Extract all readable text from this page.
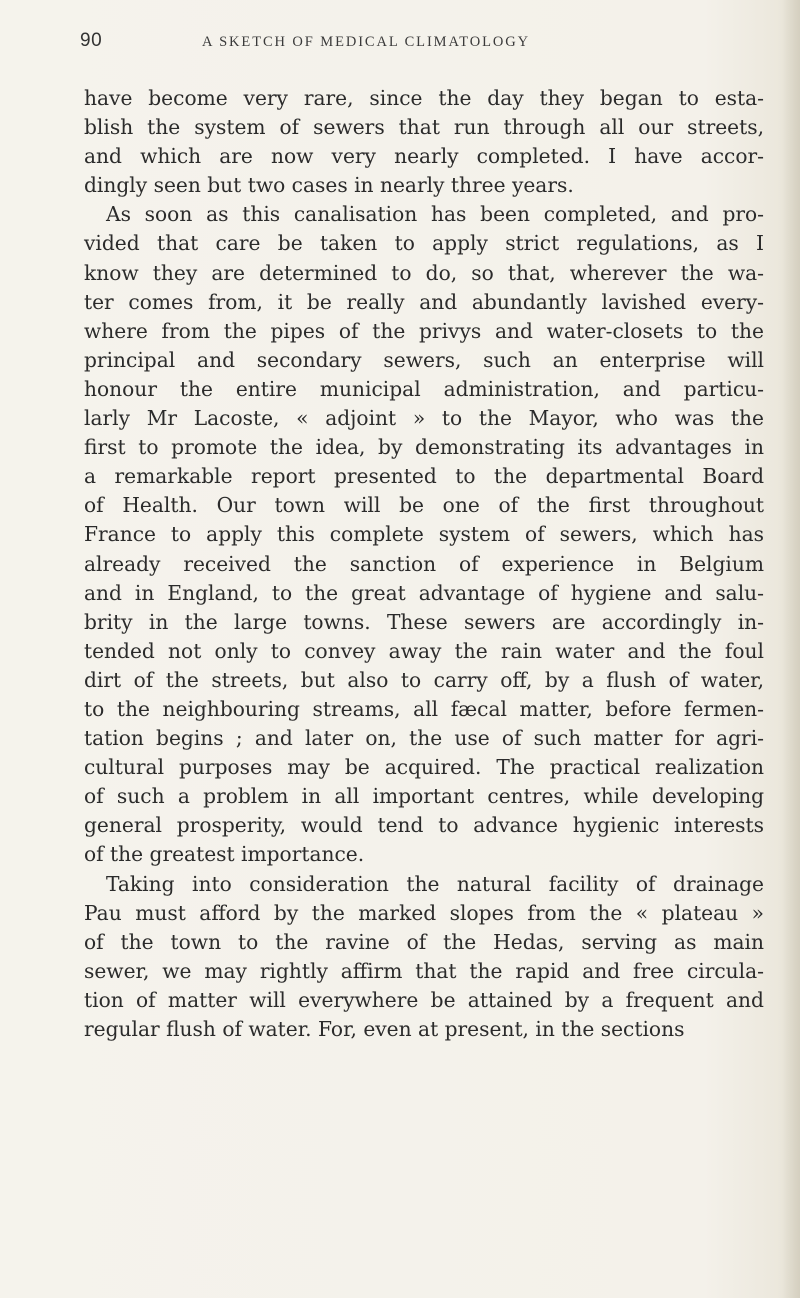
90	A SKETCH OF MEDICAL CLIMATOLOGY
have become very rare, since the day they began to esta-
blish the system of sewers that run through all our streets,
and which are now very nearly completed. I have accor-
dingly seen but two cases in nearly three years.
As soon as this canalisation has been completed, and pro-
vided that care be taken to apply strict regulations, as I
know they are determined to do, so that, wherever the wa-
ter comes from, it be really and abundantly lavished every-
where from the pipes of the privys and water-closets to the
principal and secondary sewers, such an enterprise will
honour the entire municipal administration, and particu-
larly Mr Lacoste, « adjoint » to the Mayor, who was the
first to promote the idea, by demonstrating its advantages in
a remarkable report presented to the departmental Board
of Health. Our town will be one of the first throughout
France to apply this complete system of sewers, which has
already received the sanction of experience in Belgium
and in England, to the great advantage of hygiene and salu-
brity in the large towns. These sewers are accordingly in-
tended not only to convey away the rain water and the foul
dirt of the streets, but also to carry off, by a flush of water,
to the neighbouring streams, all fæcal matter, before fermen-
tation begins ; and later on, the use of such matter for agri-
cultural purposes may be acquired. The practical realization
of such a problem in all important centres, while developing
general prosperity, would tend to advance hygienic interests
of the greatest importance.
Taking into consideration the natural facility of drainage
Pau must afford by the marked slopes from the « plateau »
of the town to the ravine of the Hedas, serving as main
sewer, we may rightly affirm that the rapid and free circula-
tion of matter will everywhere be attained by a frequent and
regular flush of water. For, even at present, in the sections
